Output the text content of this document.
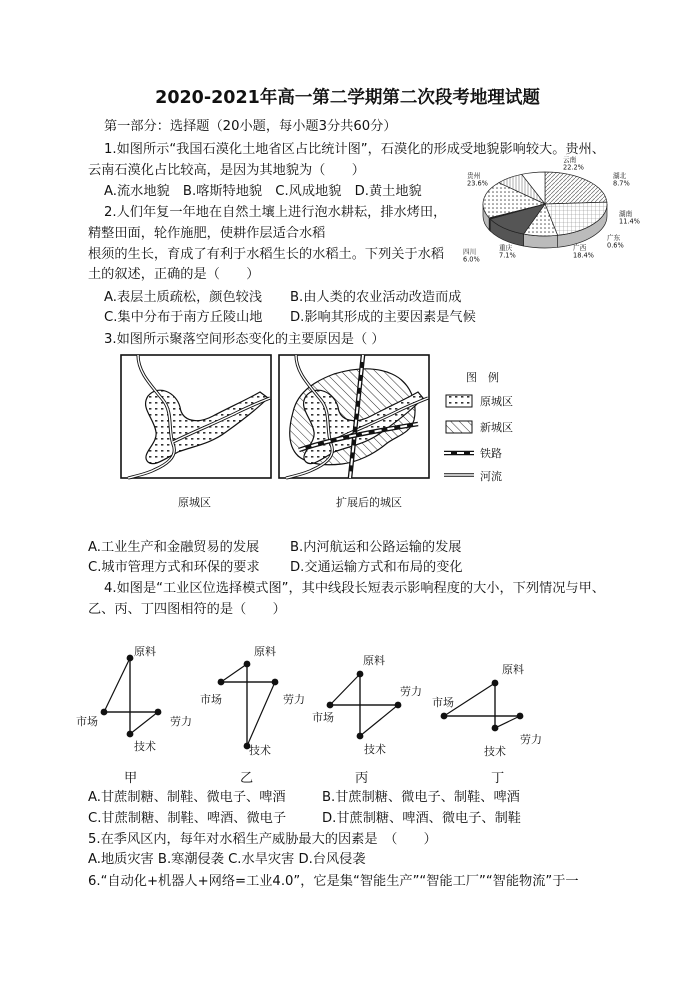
2020-2021年高一第二学期第二次段考地理试题
第一部分：选择题（20小题，每小题3分共60分）
1.如图所示“我国石漠化土地省区占比统计图”，石漠化的形成受地貌影响较大。贵州、
云南石漠化占比较高，是因为其地貌为（　　）
A.流水地貌　B.喀斯特地貌　C.风成地貌　D.黄土地貌
贵州
23.6%
云南
22.2%
湖北
8.7%
湖南
11.4%
广东
0.6%
广西
18.4%
重庆
7.1%
四川
6.0%
2.人们年复一年地在自然土壤上进行泡水耕耘，排水烤田，
精整田面，轮作施肥，使耕作层适合水稻
根须的生长，育成了有利于水稻生长的水稻土。下列关于水稻
土的叙述，正确的是（　　）
A.表层土质疏松，颜色较浅 B.由人类的农业活动改造而成
C.集中分布于南方丘陵山地 D.影响其形成的主要因素是气候
3.如图所示聚落空间形态变化的主要原因是（ ）
原城区	扩展后的城区
图　例
原城区
新城区
铁路
河流
A.工业生产和金融贸易的发展 B.内河航运和公路运输的发展
C.城市管理方式和环保的要求 D.交通运输方式和布局的变化
4.如图是“工业区位选择模式图”，其中线段长短表示影响程度的大小，下列情况与甲、
乙、丙、丁四图相符的是（　　）
原料
市场	劳力
技术
甲
原料
市场	劳力
技术
乙
原料
市场
劳力
技术
丙
原料
市场
劳力
技术
丁
A.甘蔗制糖、制鞋、微电子、啤酒	B.甘蔗制糖、微电子、制鞋、啤酒
C.甘蔗制糖、制鞋、啤酒、微电子	D.甘蔗制糖、啤酒、微电子、制鞋
5.在季风区内，每年对水稻生产威胁最大的因素是　（　　）
A.地质灾害 B.寒潮侵袭 C.水旱灾害 D.台风侵袭
6.“自动化+机器人+网络=工业4.0”，它是集“智能生产”“智能工厂”“智能物流”于一
